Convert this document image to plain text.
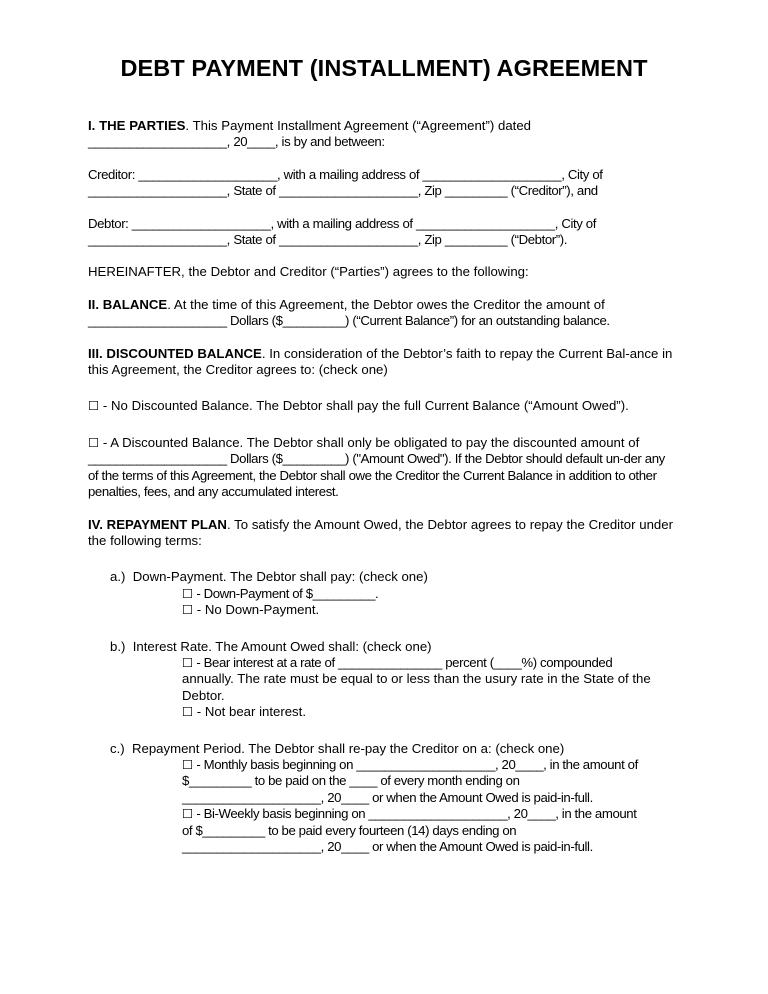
DEBT PAYMENT (INSTALLMENT) AGREEMENT

I. THE PARTIES. This Payment Installment Agreement (“Agreement”) dated

____________________, 20____, is by and between:

Creditor: ____________________, with a mailing address of ____________________, City of

____________________, State of ____________________, Zip _________ (“Creditor”), and

Debtor: ____________________, with a mailing address of ____________________, City of

____________________, State of ____________________, Zip _________ (“Debtor”).

HEREINAFTER, the Debtor and Creditor (“Parties”) agrees to the following:

II. BALANCE. At the time of this Agreement, the Debtor owes the Creditor the amount of

____________________ Dollars ($_________) (“Current Balance”) for an outstanding balance.

III. DISCOUNTED BALANCE. In consideration of the Debtor’s faith to repay the Current Bal-ance in this Agreement, the Creditor agrees to: (check one)

☐ - No Discounted Balance. The Debtor shall pay the full Current Balance (“Amount Owed”).

☐ - A Discounted Balance. The Debtor shall only be obligated to pay the discounted amount of

____________________ Dollars ($_________) ("Amount Owed"). If the Debtor should default un-der any of the terms of this Agreement, the Debtor shall owe the Creditor the Current Balance in addition to other penalties, fees, and any accumulated interest.

IV. REPAYMENT PLAN. To satisfy the Amount Owed, the Debtor agrees to repay the Creditor under the following terms:

a.) Down-Payment. The Debtor shall pay: (check one)

☐ - Down-Payment of $_________.

☐ - No Down-Payment.

b.) Interest Rate. The Amount Owed shall: (check one)

☐ - Bear interest at a rate of _______________ percent (____%) compounded

annually. The rate must be equal to or less than the usury rate in the State of the Debtor.

☐ - Not bear interest.

c.) Repayment Period. The Debtor shall re-pay the Creditor on a: (check one)

☐ - Monthly basis beginning on ____________________, 20____, in the amount of

$_________ to be paid on the ____ of every month ending on

____________________, 20____ or when the Amount Owed is paid-in-full.

☐ - Bi-Weekly basis beginning on ____________________, 20____, in the amount

of $_________ to be paid every fourteen (14) days ending on

____________________, 20____ or when the Amount Owed is paid-in-full.
